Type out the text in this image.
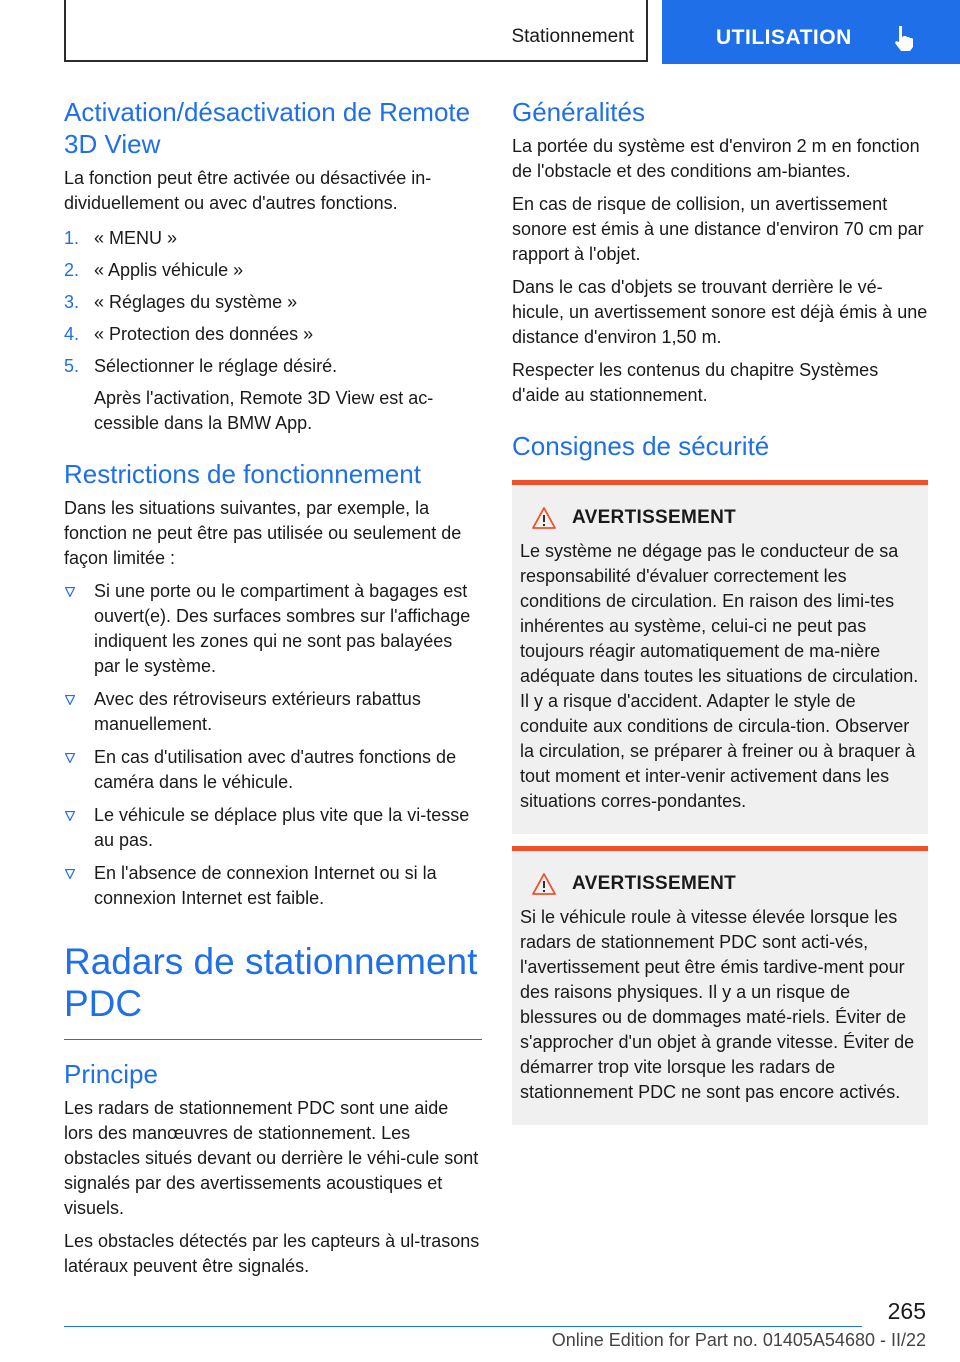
Stationnement	UTILISATION
Activation/désactivation de Remote 3D View

La fonction peut être activée ou désactivée in-dividuellement ou avec d'autres fonctions.

1. « MENU »
2. « Applis véhicule »
3. « Réglages du système »
4. « Protection des données »
5. Sélectionner le réglage désiré.

Après l'activation, Remote 3D View est ac-cessible dans la BMW App.

Restrictions de fonctionnement

Dans les situations suivantes, par exemple, la fonction ne peut être pas utilisée ou seulement de façon limitée :

Si une porte ou le compartiment à bagages est ouvert(e). Des surfaces sombres sur l'affichage indiquent les zones qui ne sont pas balayées par le système.
Avec des rétroviseurs extérieurs rabattus manuellement.
En cas d'utilisation avec d'autres fonctions de caméra dans le véhicule.
Le véhicule se déplace plus vite que la vi-tesse au pas.
En l'absence de connexion Internet ou si la connexion Internet est faible.
Radars de stationnement PDC
Principe

Les radars de stationnement PDC sont une aide lors des manœuvres de stationnement. Les obstacles situés devant ou derrière le véhi-cule sont signalés par des avertissements acoustiques et visuels.

Les obstacles détectés par les capteurs à ul-trasons latéraux peuvent être signalés.

Généralités

La portée du système est d'environ 2 m en fonction de l'obstacle et des conditions am-biantes.

En cas de risque de collision, un avertissement sonore est émis à une distance d'environ 70 cm par rapport à l'objet.

Dans le cas d'objets se trouvant derrière le vé-hicule, un avertissement sonore est déjà émis à une distance d'environ 1,50 m.

Respecter les contenus du chapitre Systèmes d'aide au stationnement.

Consignes de sécurité
AVERTISSEMENT

Le système ne dégage pas le conducteur de sa responsabilité d'évaluer correctement les conditions de circulation. En raison des limi-tes inhérentes au système, celui-ci ne peut pas toujours réagir automatiquement de ma-nière adéquate dans toutes les situations de circulation. Il y a risque d'accident. Adapter le style de conduite aux conditions de circula-tion. Observer la circulation, se préparer à freiner ou à braquer à tout moment et inter-venir activement dans les situations corres-pondantes.

AVERTISSEMENT

Si le véhicule roule à vitesse élevée lorsque les radars de stationnement PDC sont acti-vés, l'avertissement peut être émis tardive-ment pour des raisons physiques. Il y a un risque de blessures ou de dommages maté-riels. Éviter de s'approcher d'un objet à grande vitesse. Éviter de démarrer trop vite lorsque les radars de stationnement PDC ne sont pas encore activés.

265
Online Edition for Part no. 01405A54680 - II/22
